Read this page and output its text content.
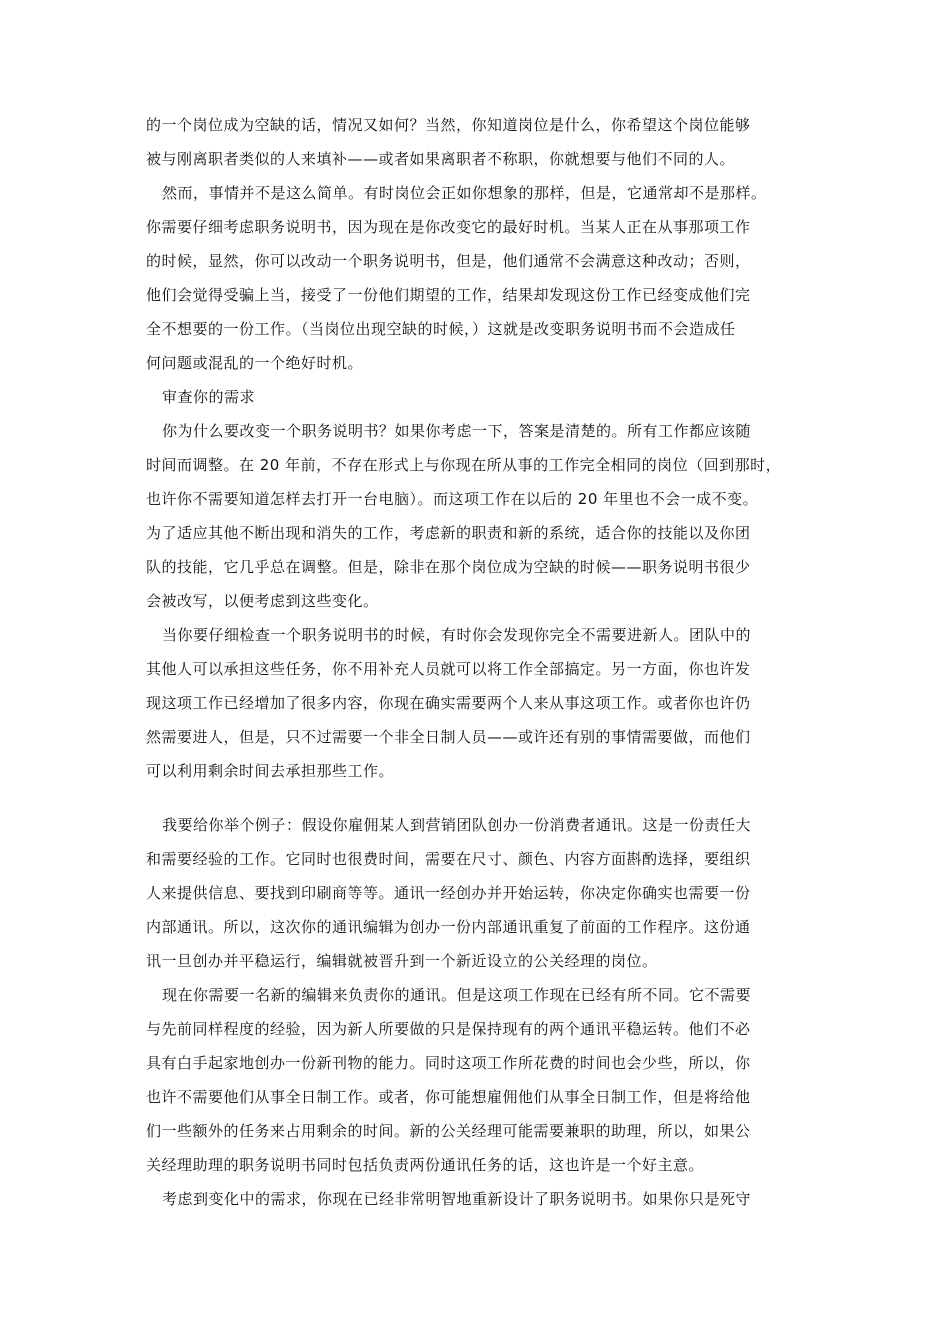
的一个岗位成为空缺的话，情况又如何？当然，你知道岗位是什么，你希望这个岗位能够
被与刚离职者类似的人来填补——或者如果离职者不称职，你就想要与他们不同的人。
然而，事情并不是这么简单。有时岗位会正如你想象的那样，但是，它通常却不是那样。
你需要仔细考虑职务说明书，因为现在是你改变它的最好时机。当某人正在从事那项工作
的时候，显然，你可以改动一个职务说明书，但是，他们通常不会满意这种改动；否则，
他们会觉得受骗上当，接受了一份他们期望的工作，结果却发现这份工作已经变成他们完
全不想要的一份工作。（当岗位出现空缺的时候，）这就是改变职务说明书而不会造成任
何问题或混乱的一个绝好时机。
审查你的需求
你为什么要改变一个职务说明书？如果你考虑一下，答案是清楚的。所有工作都应该随
时间而调整。在 20 年前，不存在形式上与你现在所从事的工作完全相同的岗位（回到那时，
也许你不需要知道怎样去打开一台电脑）。而这项工作在以后的 20 年里也不会一成不变。
为了适应其他不断出现和消失的工作，考虑新的职责和新的系统，适合你的技能以及你团
队的技能，它几乎总在调整。但是，除非在那个岗位成为空缺的时候——职务说明书很少
会被改写，以便考虑到这些变化。
当你要仔细检查一个职务说明书的时候，有时你会发现你完全不需要进新人。团队中的
其他人可以承担这些任务，你不用补充人员就可以将工作全部搞定。另一方面，你也许发
现这项工作已经增加了很多内容，你现在确实需要两个人来从事这项工作。或者你也许仍
然需要进人，但是，只不过需要一个非全日制人员——或许还有别的事情需要做，而他们
可以利用剩余时间去承担那些工作。
我要给你举个例子：假设你雇佣某人到营销团队创办一份消费者通讯。这是一份责任大
和需要经验的工作。它同时也很费时间，需要在尺寸、颜色、内容方面斟酌选择，要组织
人来提供信息、要找到印刷商等等。通讯一经创办并开始运转，你决定你确实也需要一份
内部通讯。所以，这次你的通讯编辑为创办一份内部通讯重复了前面的工作程序。这份通
讯一旦创办并平稳运行，编辑就被晋升到一个新近设立的公关经理的岗位。
现在你需要一名新的编辑来负责你的通讯。但是这项工作现在已经有所不同。它不需要
与先前同样程度的经验，因为新人所要做的只是保持现有的两个通讯平稳运转。他们不必
具有白手起家地创办一份新刊物的能力。同时这项工作所花费的时间也会少些，所以，你
也许不需要他们从事全日制工作。或者，你可能想雇佣他们从事全日制工作，但是将给他
们一些额外的任务来占用剩余的时间。新的公关经理可能需要兼职的助理，所以，如果公
关经理助理的职务说明书同时包括负责两份通讯任务的话，这也许是一个好主意。
考虑到变化中的需求，你现在已经非常明智地重新设计了职务说明书。如果你只是死守
